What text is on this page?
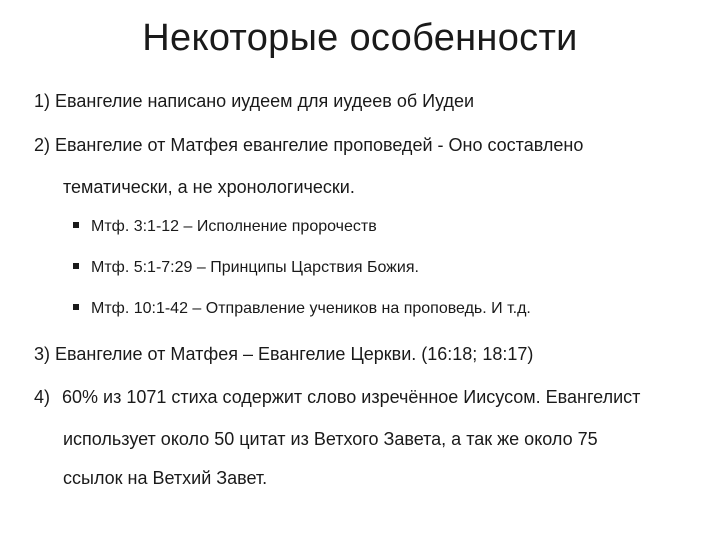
Некоторые особенности
1) Евангелие написано иудеем для иудеев об Иудеи
2) Евангелие от Матфея евангелие проповедей - Оно составлено
тематически, а не хронологически.
Мтф. 3:1-12 – Исполнение пророчеств
Мтф. 5:1-7:29 – Принципы Царствия Божия.
Мтф. 10:1-42 – Отправление учеников на проповедь. И т.д.
3) Евангелие от Матфея – Евангелие Церкви. (16:18; 18:17)
4) 60% из 1071 стиха содержит слово изречённое Иисусом. Евангелист
использует около 50 цитат из Ветхого Завета, а так же около 75
ссылок на Ветхий Завет.
